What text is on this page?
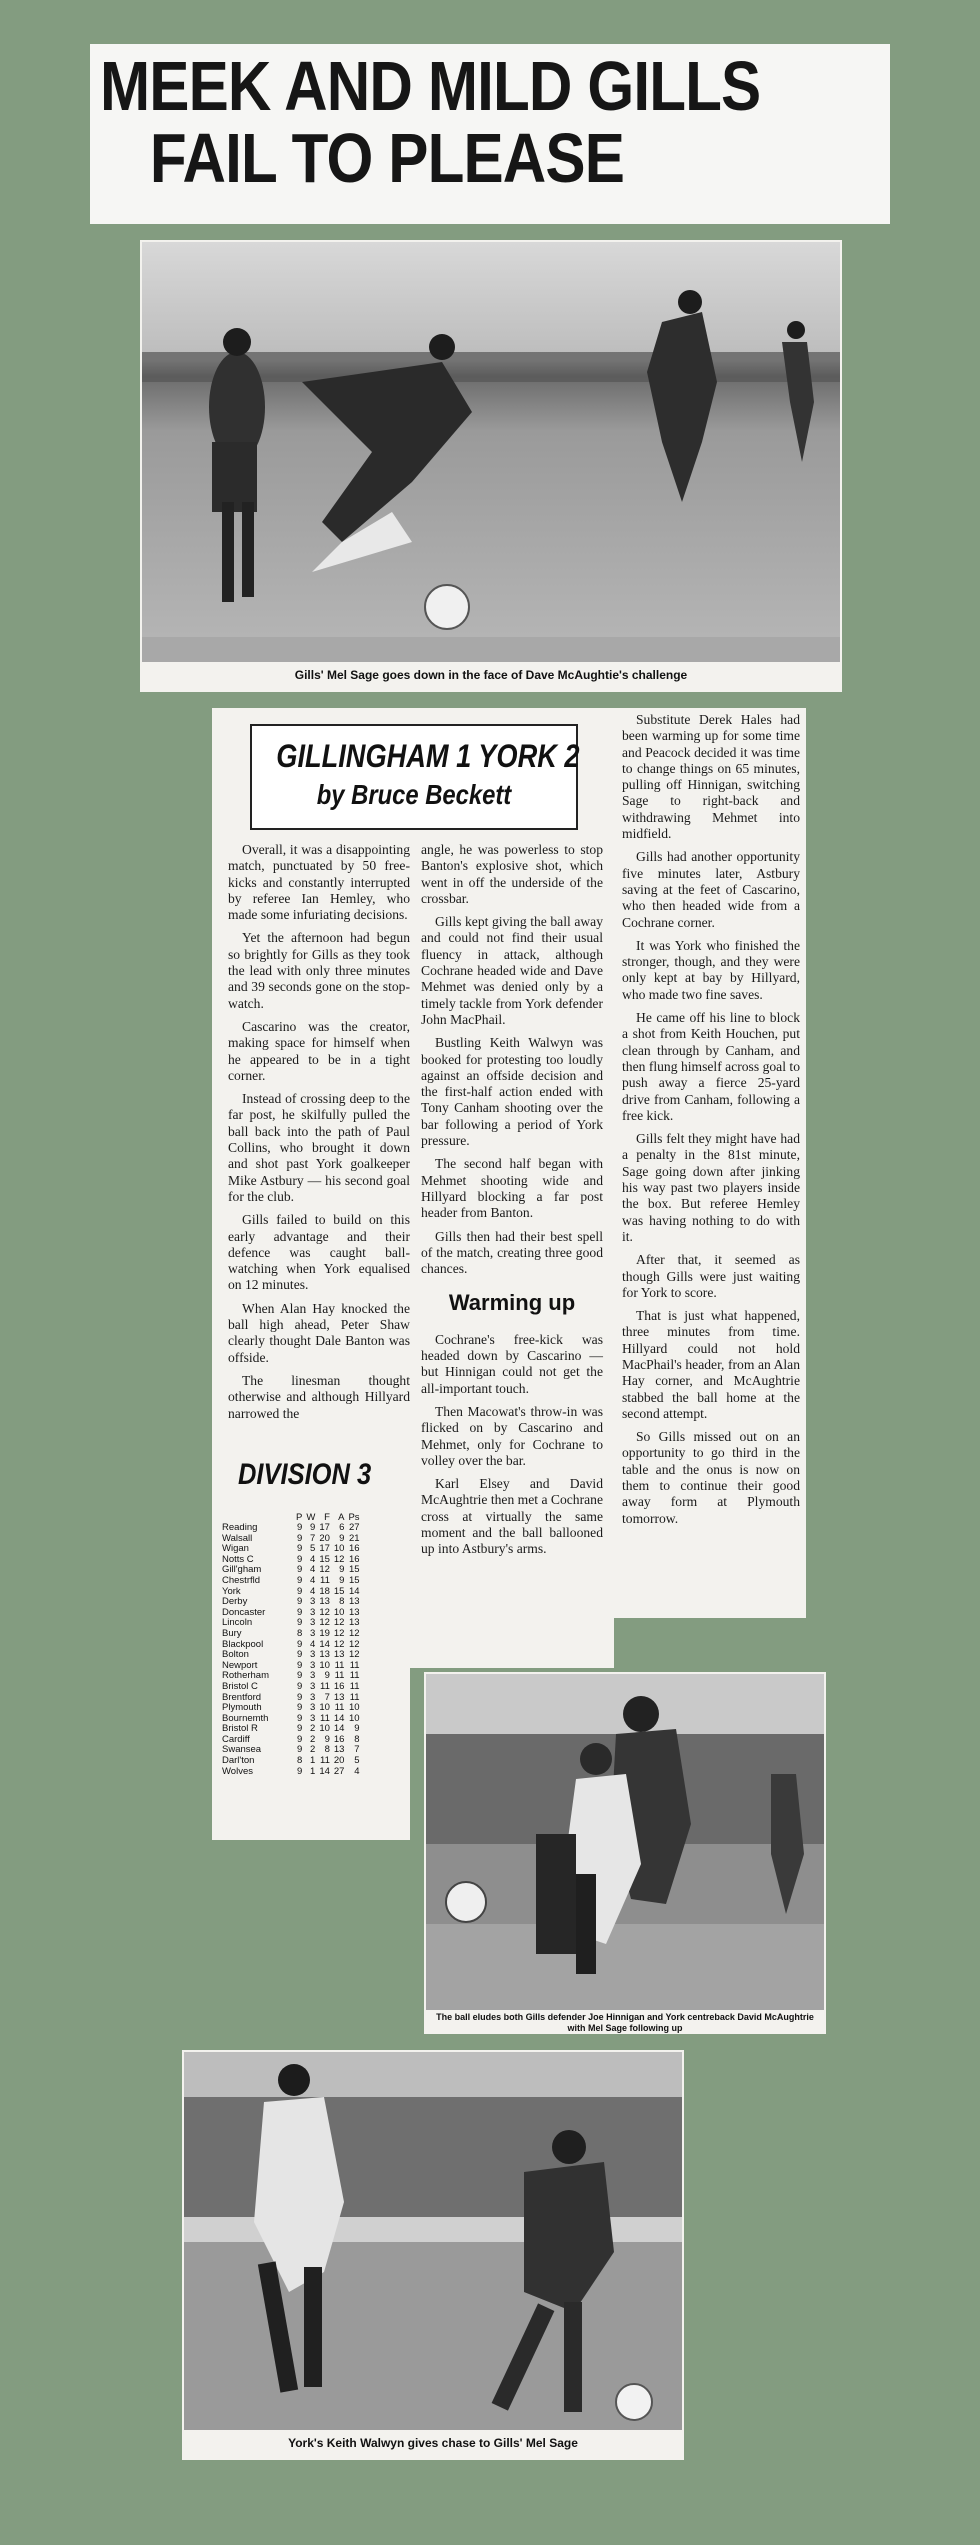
MEEK AND MILD GILLS
FAIL TO PLEASE
Gills' Mel Sage goes down in the face of Dave McAughtie's challenge
GILLINGHAM 1 YORK 2
by Bruce Beckett

Overall, it was a disappointing match, punctuated by 50 free-kicks and constantly interrupted by referee Ian Hemley, who made some infuriating decisions.

Yet the afternoon had begun so brightly for Gills as they took the lead with only three minutes and 39 seconds gone on the stop-watch.

Cascarino was the creator, making space for himself when he appeared to be in a tight corner.

Instead of crossing deep to the far post, he skilfully pulled the ball back into the path of Paul Collins, who brought it down and shot past York goalkeeper Mike Astbury — his second goal for the club.

Gills failed to build on this early advantage and their defence was caught ball-watching when York equalised on 12 minutes.

When Alan Hay knocked the ball high ahead, Peter Shaw clearly thought Dale Banton was offside.

The linesman thought otherwise and although Hillyard narrowed the

DIVISION 3
	P	W	F	A	Ps
Reading	9	9	17	6	27
Walsall	9	7	20	9	21
Wigan	9	5	17	10	16
Notts C	9	4	15	12	16
Gill'gham	9	4	12	9	15
Chestrfld	9	4	11	9	15
York	9	4	18	15	14
Derby	9	3	13	8	13
Doncaster	9	3	12	10	13
Lincoln	9	3	12	12	13
Bury	8	3	19	12	12
Blackpool	9	4	14	12	12
Bolton	9	3	13	13	12
Newport	9	3	10	11	11
Rotherham	9	3	9	11	11
Bristol C	9	3	11	16	11
Brentford	9	3	7	13	11
Plymouth	9	3	10	11	10
Bournemth	9	3	11	14	10
Bristol R	9	2	10	14	9
Cardiff	9	2	9	16	8
Swansea	9	2	8	13	7
Darl'ton	8	1	11	20	5
Wolves	9	1	14	27	4

angle, he was powerless to stop Banton's explosive shot, which went in off the underside of the crossbar.

Gills kept giving the ball away and could not find their usual fluency in attack, although Cochrane headed wide and Dave Mehmet was denied only by a timely tackle from York defender John MacPhail.

Bustling Keith Walwyn was booked for protesting too loudly against an offside decision and the first-half action ended with Tony Canham shooting over the bar following a period of York pressure.

The second half began with Mehmet shooting wide and Hillyard blocking a far post header from Banton.

Gills then had their best spell of the match, creating three good chances.

Warming up

Cochrane's free-kick was headed down by Cascarino — but Hinnigan could not get the all-important touch.

Then Macowat's throw-in was flicked on by Cascarino and Mehmet, only for Cochrane to volley over the bar.

Karl Elsey and David McAughtrie then met a Cochrane cross at virtually the same moment and the ball ballooned up into Astbury's arms.

Substitute Derek Hales had been warming up for some time and Peacock decided it was time to change things on 65 minutes, pulling off Hinnigan, switching Sage to right-back and withdrawing Mehmet into midfield.

Gills had another opportunity five minutes later, Astbury saving at the feet of Cascarino, who then headed wide from a Cochrane corner.

It was York who finished the stronger, though, and they were only kept at bay by Hillyard, who made two fine saves.

He came off his line to block a shot from Keith Houchen, put clean through by Canham, and then flung himself across goal to push away a fierce 25-yard drive from Canham, following a free kick.

Gills felt they might have had a penalty in the 81st minute, Sage going down after jinking his way past two players inside the box. But referee Hemley was having nothing to do with it.

After that, it seemed as though Gills were just waiting for York to score.

That is just what happened, three minutes from time. Hillyard could not hold MacPhail's header, from an Alan Hay corner, and McAughtrie stabbed the ball home at the second attempt.

So Gills missed out on an opportunity to go third in the table and the onus is now on them to continue their good away form at Plymouth tomorrow.

The ball eludes both Gills defender Joe Hinnigan and York centreback David McAughtrie with Mel Sage following up
York's Keith Walwyn gives chase to Gills' Mel Sage
